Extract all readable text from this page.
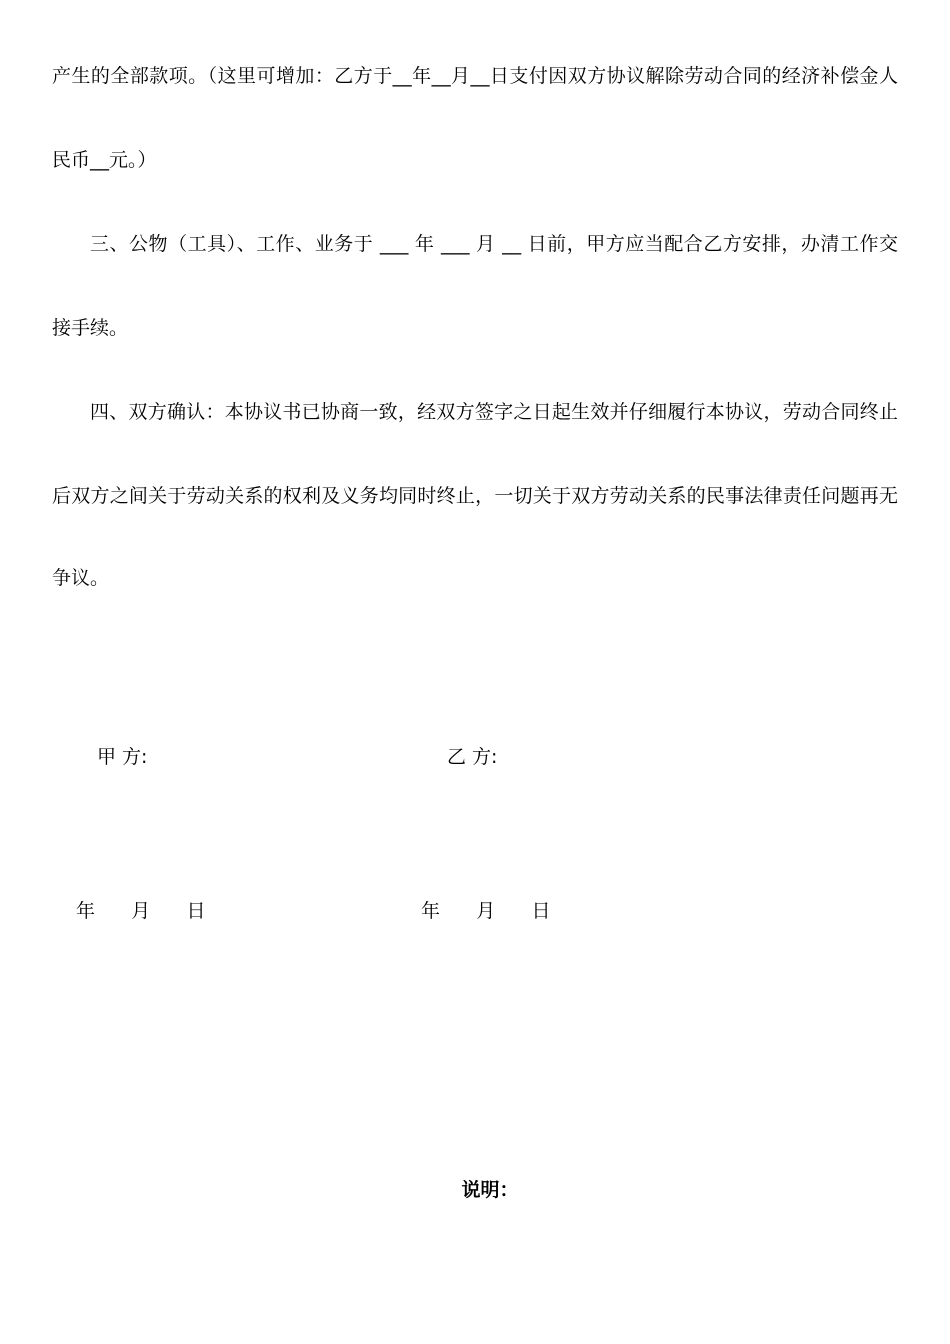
产生的全部款项。（这里可增加：乙方于__年__月__日支付因双方协议解除劳动合同的经济补偿金人
民币__元。）
三、公物（工具）、工作、业务于 ___ 年 ___ 月 __ 日前，甲方应当配合乙方安排，办清工作交
接手续。
四、双方确认：本协议书已协商一致，经双方签字之日起生效并仔细履行本协议，劳动合同终止
后双方之间关于劳动关系的权利及义务均同时终止，一切关于双方劳动关系的民事法律责任问题再无
争议。
甲 方:	乙 方:
年      月      日	年      月      日
说明：
